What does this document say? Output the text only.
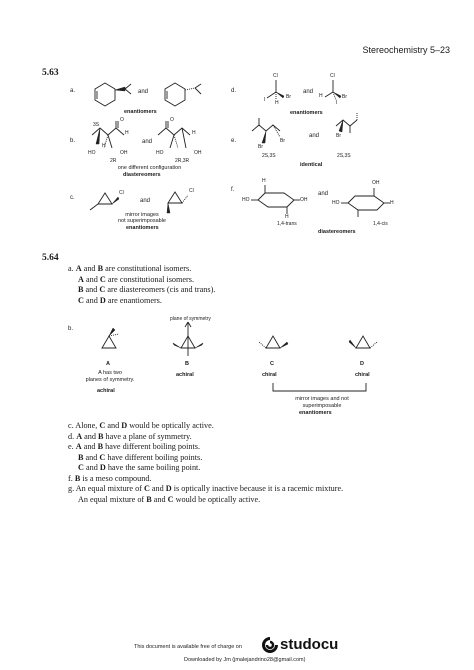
Stereochemistry 5–23
5.63
a.	and
enantiomers
b.
3S
O
H
HO
H
OH
2R
and
O
H
HO	OH
2R,3R
one different configuration
diastereomers
c.
Cl
and
Cl
mirror images
not superimposable
enantiomers
d.
Cl
Br
I H
and
Cl
H	Br
I
enantiomers
e.
Br
Br
2S,3S
and	Br
2S,3S
identical
f.
H
HO	OH
H
1,4-trans
and
OH
HO	H
1,4-cis
diastereomers
5.64
a. A and B are constitutional isomers.
A and C are constitutional isomers.
B and C are diastereomers (cis and trans).
C and D are enantiomers.
b.
plane of symmetry
A	B	C	D
A has two
planes of symmetry.
achiral
achiral	chiral	chiral
mirror images and not
superimposable
enantiomers
c. Alone, C and D would be optically active.
d. A and B have a plane of symmetry.
e. A and B have different boiling points.
B and C have different boiling points.
C and D have the same boiling point.
f. B is a meso compound.
g. An equal mixture of C and D is optically inactive because it is a racemic mixture.
An equal mixture of B and C would be optically active.
This document is available free of charge on	studocu
Downloaded by Jm (jmalejandrino28@gmail.com)
